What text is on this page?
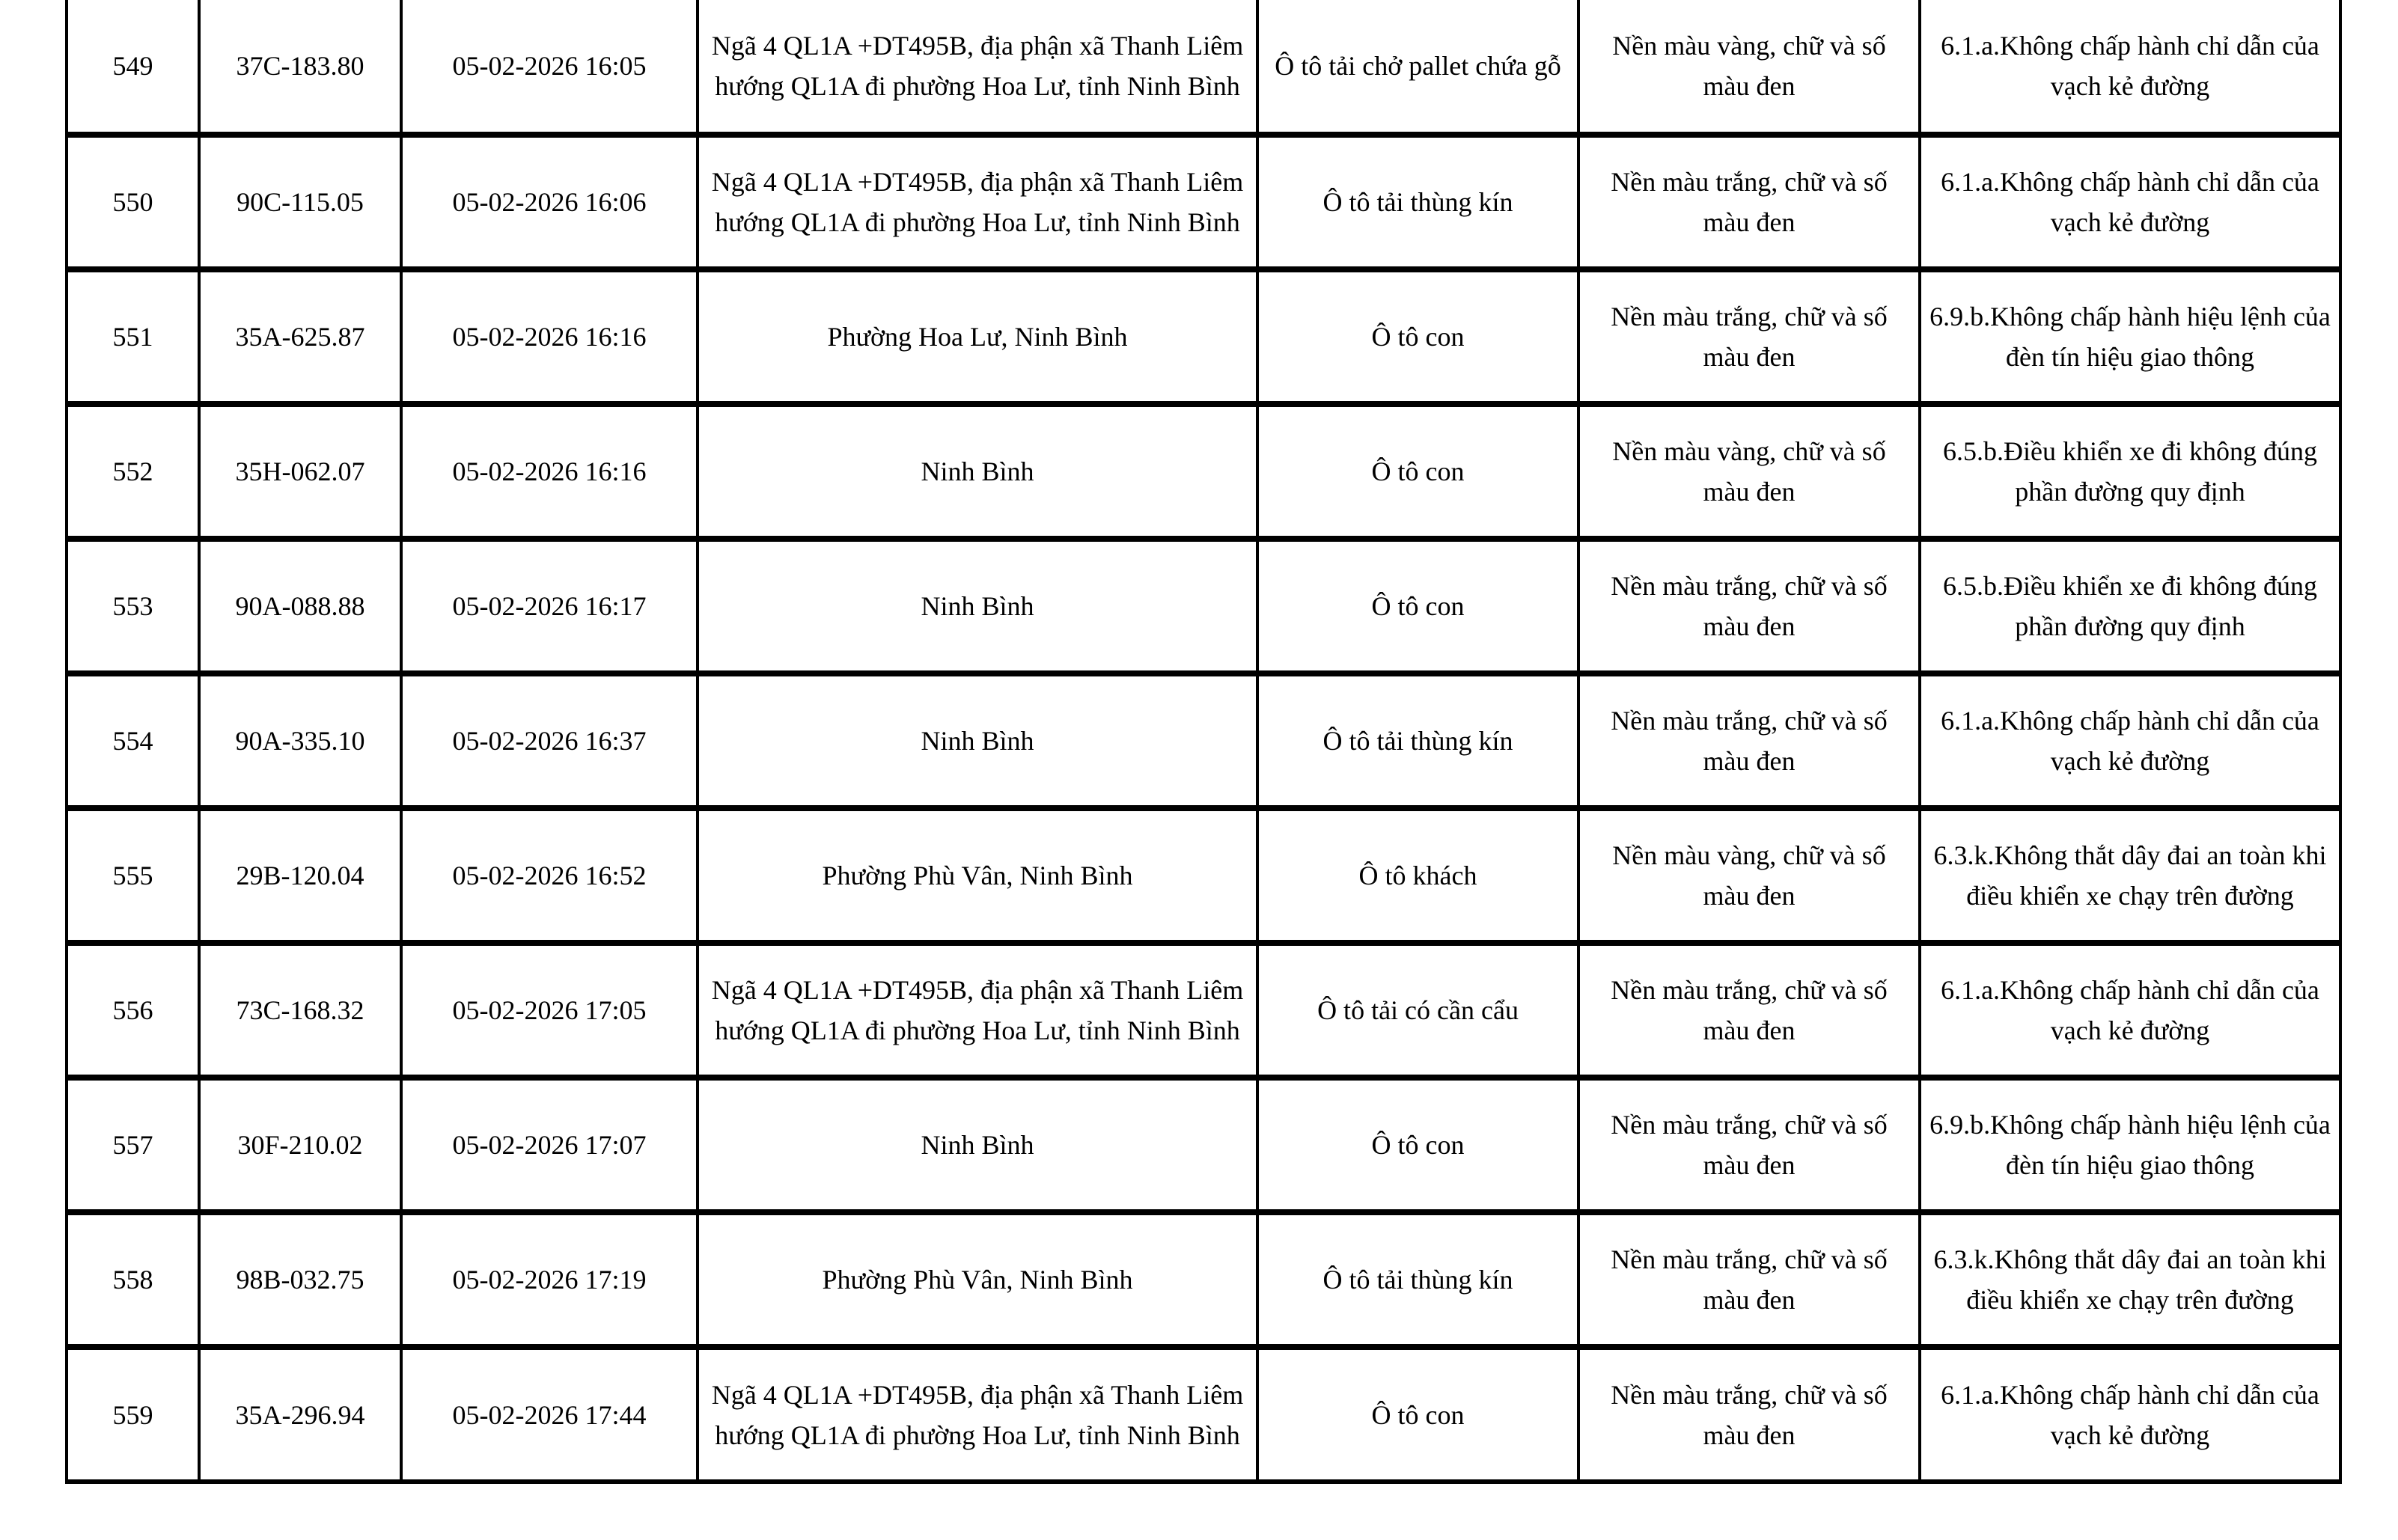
549	37C-183.80	05-02-2026 16:05	Ngã 4 QL1A +DT495B, địa phận xã Thanh Liêm hướng QL1A đi phường Hoa Lư, tỉnh Ninh Bình	Ô tô tải chở pallet chứa gỗ	Nền màu vàng, chữ và số màu đen	6.1.a.Không chấp hành chỉ dẫn của vạch kẻ đường
550	90C-115.05	05-02-2026 16:06	Ngã 4 QL1A +DT495B, địa phận xã Thanh Liêm hướng QL1A đi phường Hoa Lư, tỉnh Ninh Bình	Ô tô tải thùng kín	Nền màu trắng, chữ và số màu đen	6.1.a.Không chấp hành chỉ dẫn của vạch kẻ đường
551	35A-625.87	05-02-2026 16:16	Phường Hoa Lư, Ninh Bình	Ô tô con	Nền màu trắng, chữ và số màu đen	6.9.b.Không chấp hành hiệu lệnh của đèn tín hiệu giao thông
552	35H-062.07	05-02-2026 16:16	Ninh Bình	Ô tô con	Nền màu vàng, chữ và số màu đen	6.5.b.Điều khiển xe đi không đúng phần đường quy định
553	90A-088.88	05-02-2026 16:17	Ninh Bình	Ô tô con	Nền màu trắng, chữ và số màu đen	6.5.b.Điều khiển xe đi không đúng phần đường quy định
554	90A-335.10	05-02-2026 16:37	Ninh Bình	Ô tô tải thùng kín	Nền màu trắng, chữ và số màu đen	6.1.a.Không chấp hành chỉ dẫn của vạch kẻ đường
555	29B-120.04	05-02-2026 16:52	Phường Phù Vân, Ninh Bình	Ô tô khách	Nền màu vàng, chữ và số màu đen	6.3.k.Không thắt dây đai an toàn khi điều khiển xe chạy trên đường
556	73C-168.32	05-02-2026 17:05	Ngã 4 QL1A +DT495B, địa phận xã Thanh Liêm hướng QL1A đi phường Hoa Lư, tỉnh Ninh Bình	Ô tô tải có cần cẩu	Nền màu trắng, chữ và số màu đen	6.1.a.Không chấp hành chỉ dẫn của vạch kẻ đường
557	30F-210.02	05-02-2026 17:07	Ninh Bình	Ô tô con	Nền màu trắng, chữ và số màu đen	6.9.b.Không chấp hành hiệu lệnh của đèn tín hiệu giao thông
558	98B-032.75	05-02-2026 17:19	Phường Phù Vân, Ninh Bình	Ô tô tải thùng kín	Nền màu trắng, chữ và số màu đen	6.3.k.Không thắt dây đai an toàn khi điều khiển xe chạy trên đường
559	35A-296.94	05-02-2026 17:44	Ngã 4 QL1A +DT495B, địa phận xã Thanh Liêm hướng QL1A đi phường Hoa Lư, tỉnh Ninh Bình	Ô tô con	Nền màu trắng, chữ và số màu đen	6.1.a.Không chấp hành chỉ dẫn của vạch kẻ đường
